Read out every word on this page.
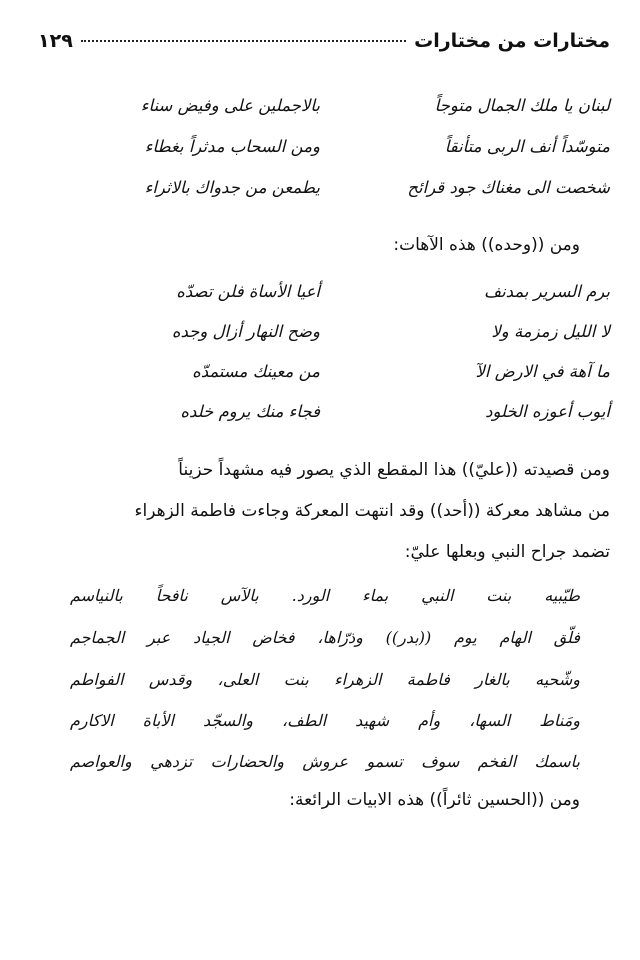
مختارات من مختارات
١٢٩
لبنان يا ملك الجمال متوجاً
بالاجملين على وفيض سناء
متوسّداً أنف الربى متأنقاً
ومن السحاب مدثراً بغطاء
شخصت الى مغناك جود قرائح
يطمعن من جدواك بالاثراء
ومن ((وحده)) هذه الآهات:
برم السرير بمدنف
أعيا الأساة فلن تصدّه
لا الليل زمزمة ولا
وضح النهار أزال وجده
ما آهة في الارض الآ
من معينك مستمدّه
أيوب أعوزه الخلود
فجاء منك يروم خلده
ومن قصيدته ((عليّ)) هذا المقطع الذي يصور فيه مشهداً حزيناً
من مشاهد معركة ((أحد)) وقد انتهت المعركة وجاءت فاطمة الزهراء
تضمد جراح النبي وبعلها عليّ:
طيّبيه بنت النبي بماء الورد. بالآس نافحاً بالنياسم
فلّق الهام يوم ((بدر)) وذرّاها، فخاض الجياد عبر الجماجم
وشّحيه بالغار فاطمة الزهراء بنت العلى، وقدس الفواطم
ومَناط السها، وأم شهيد الطف، والسجّد الأباة الاكارم
باسمك الفخم سوف تسمو عروش والحضارات تزدهي والعواصم
ومن ((الحسين ثائراً)) هذه الابيات الرائعة:
